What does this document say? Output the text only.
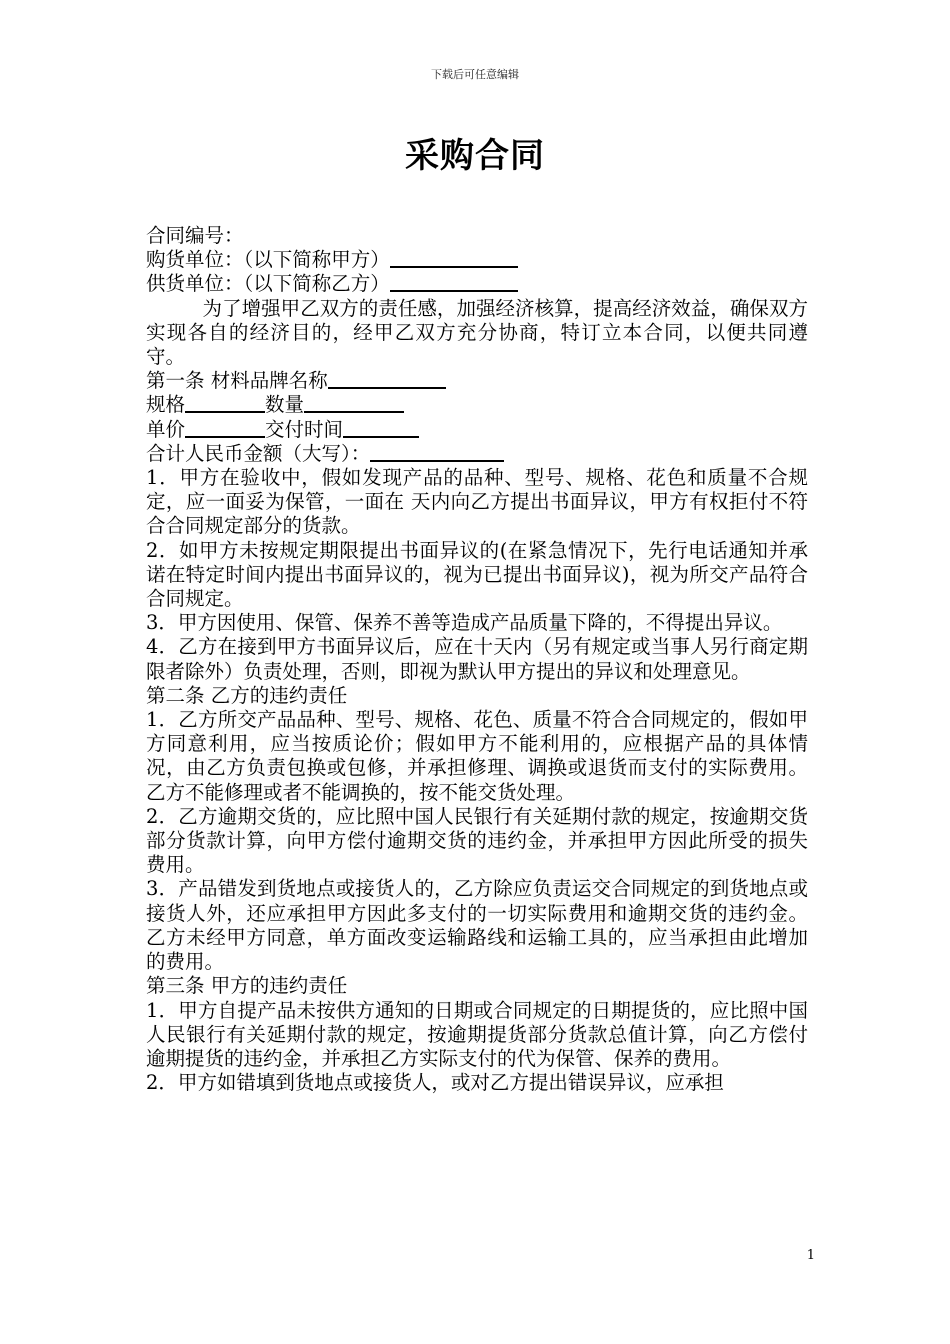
下载后可任意编辑
采购合同
合同编号：
购货单位：（以下简称甲方）
供货单位：（以下简称乙方）
为了增强甲乙双方的责任感，加强经济核算，提高经济效益，确保双方实现各自的经济目的，经甲乙双方充分协商，特订立本合同，以便共同遵守。
第一条 材料品牌名称
规格	数量
单价	交付时间
合计人民币金额（大写）：
1．甲方在验收中，假如发现产品的品种、型号、规格、花色和质量不合规定，应一面妥为保管，一面在 天内向乙方提出书面异议，甲方有权拒付不符合合同规定部分的货款。
2．如甲方未按规定期限提出书面异议的(在紧急情况下，先行电话通知并承诺在特定时间内提出书面异议的，视为已提出书面异议)，视为所交产品符合合同规定。
3．甲方因使用、保管、保养不善等造成产品质量下降的，不得提出异议。
4．乙方在接到甲方书面异议后，应在十天内（另有规定或当事人另行商定期限者除外）负责处理，否则，即视为默认甲方提出的异议和处理意见。
第二条 乙方的违约责任
1．乙方所交产品品种、型号、规格、花色、质量不符合合同规定的，假如甲方同意利用，应当按质论价；假如甲方不能利用的，应根据产品的具体情况，由乙方负责包换或包修，并承担修理、调换或退货而支付的实际费用。乙方不能修理或者不能调换的，按不能交货处理。
2．乙方逾期交货的，应比照中国人民银行有关延期付款的规定，按逾期交货部分货款计算，向甲方偿付逾期交货的违约金，并承担甲方因此所受的损失费用。
3．产品错发到货地点或接货人的，乙方除应负责运交合同规定的到货地点或接货人外，还应承担甲方因此多支付的一切实际费用和逾期交货的违约金。乙方未经甲方同意，单方面改变运输路线和运输工具的，应当承担由此增加的费用。
第三条 甲方的违约责任
1．甲方自提产品未按供方通知的日期或合同规定的日期提货的，应比照中国人民银行有关延期付款的规定，按逾期提货部分货款总值计算，向乙方偿付逾期提货的违约金，并承担乙方实际支付的代为保管、保养的费用。
2．甲方如错填到货地点或接货人，或对乙方提出错误异议，应承担
1
